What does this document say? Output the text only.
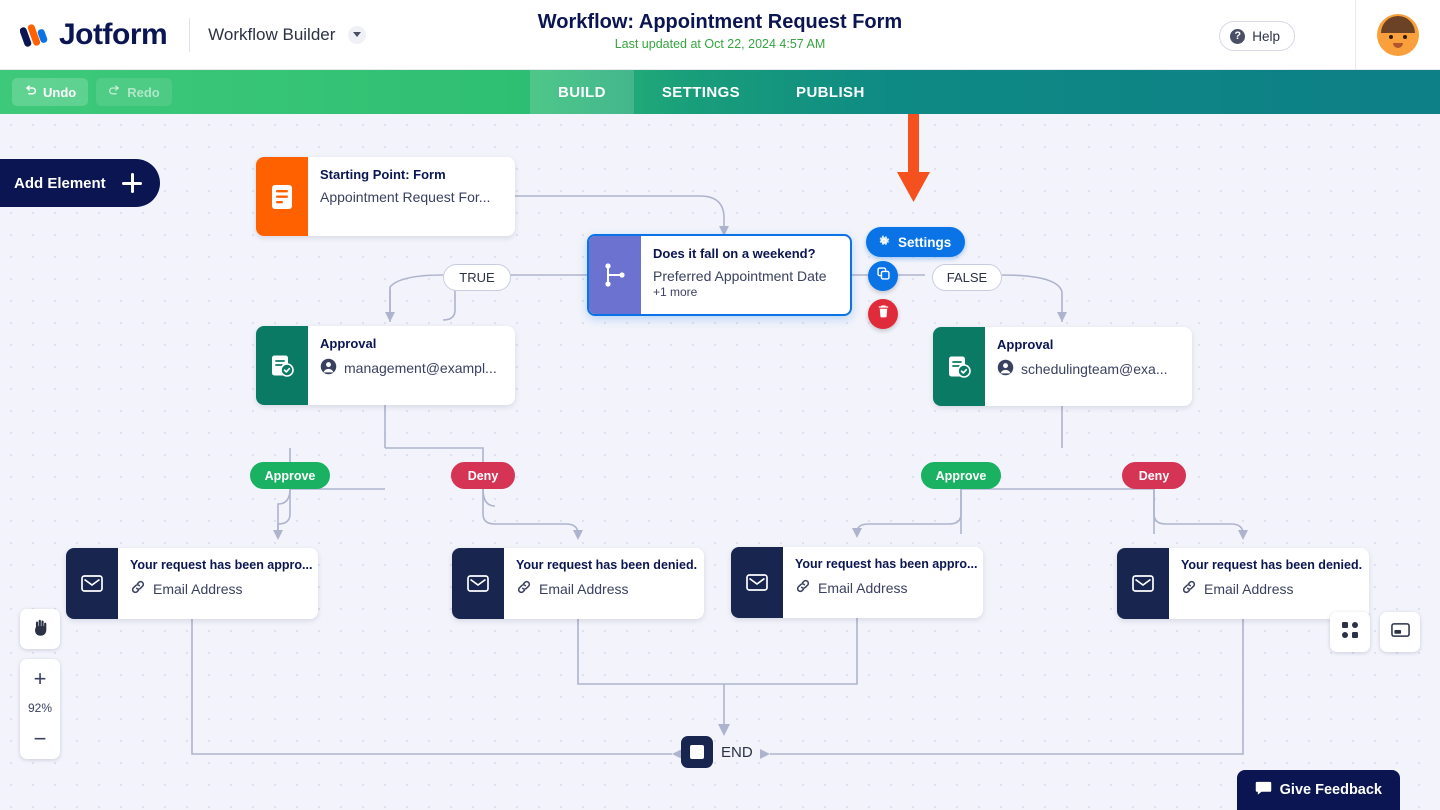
Jotform Workflow Builder
Workflow: Appointment Request Form
Last updated at Oct 22, 2024 4:57 AM
? Help
Undo	Redo	BUILD	SETTINGS	PUBLISH
Add Element	Starting Point: Form
Appointment Request For...
Does it fall on a weekend?
Preferred Appointment Date
+1 more
Settings
TRUE	FALSE
Approval
management@exampl...
Approval
schedulingteam@exa...
Approve	Deny	Approve	Deny
Your request has been appro...
Email Address
Your request has been denied.
Email Address
Your request has been appro...
Email Address
Your request has been denied.
Email Address
END
+
92%
−
Give Feedback
